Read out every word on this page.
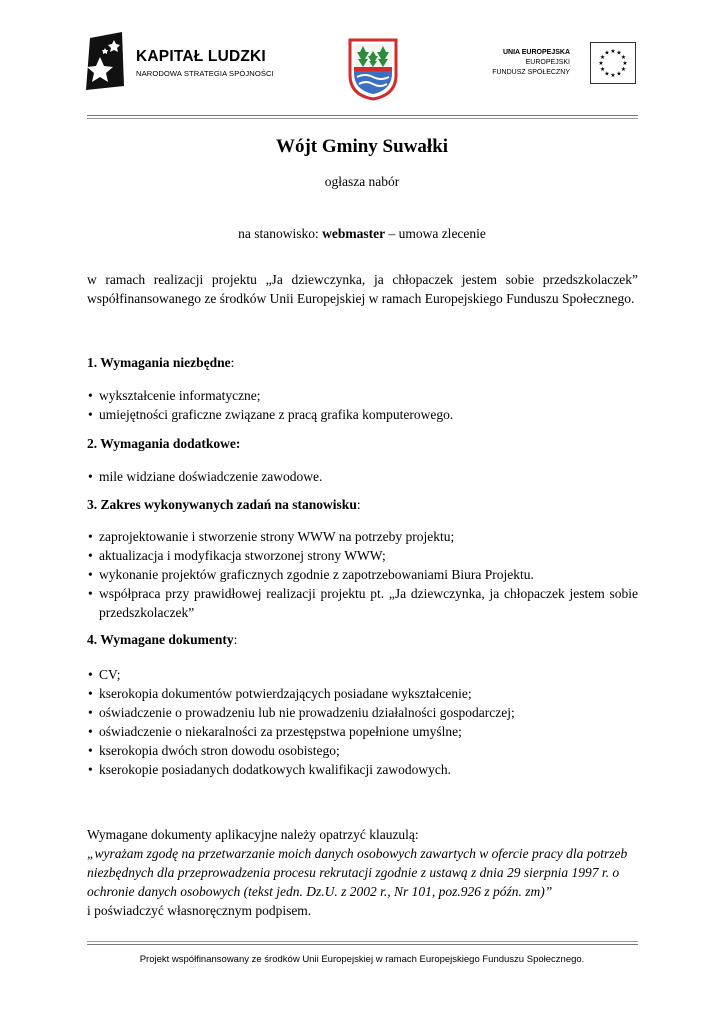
KAPITAŁ LUDZKI
NARODOWA STRATEGIA SPÓJNOŚCI
UNIA EUROPEJSKA
EUROPEJSKI
FUNDUSZ SPOŁECZNY
★
★
★
★
★
★
★
★
★ ★ ★
★
Wójt Gminy Suwałki
ogłasza nabór
na stanowisko: webmaster – umowa zlecenie
w ramach realizacji projektu „Ja dziewczynka, ja chłopaczek jestem sobie przedszkolaczek” współfinansowanego ze środków Unii Europejskiej w ramach Europejskiego Funduszu Społecznego.
1. Wymagania niezbędne:
• wykształcenie informatyczne;
• umiejętności graficzne związane z pracą grafika komputerowego.
2. Wymagania dodatkowe:
• mile widziane doświadczenie zawodowe.
3. Zakres wykonywanych zadań na stanowisku:
• zaprojektowanie i stworzenie strony WWW na potrzeby projektu;
• aktualizacja i modyfikacja stworzonej strony WWW;
• wykonanie projektów graficznych zgodnie z zapotrzebowaniami Biura Projektu.
• współpraca przy prawidłowej realizacji projektu pt. „Ja dziewczynka, ja chłopaczek jestem sobie przedszkolaczek”
4. Wymagane dokumenty:
• CV;
• kserokopia dokumentów potwierdzających posiadane wykształcenie;
• oświadczenie o prowadzeniu lub nie prowadzeniu działalności gospodarczej;
• oświadczenie o niekaralności za przestępstwa popełnione umyślne;
• kserokopia dwóch stron dowodu osobistego;
• kserokopie posiadanych dodatkowych kwalifikacji zawodowych.
Wymagane dokumenty aplikacyjne należy opatrzyć klauzulą:
„wyrażam zgodę na przetwarzanie moich danych osobowych zawartych w ofercie pracy dla potrzeb niezbędnych dla przeprowadzenia procesu rekrutacji zgodnie z ustawą z dnia 29 sierpnia 1997 r. o ochronie danych osobowych (tekst jedn. Dz.U. z 2002 r., Nr 101, poz.926 z późn. zm)”
i poświadczyć własnoręcznym podpisem.
Projekt współfinansowany ze środków Unii Europejskiej w ramach Europejskiego Funduszu Społecznego.
